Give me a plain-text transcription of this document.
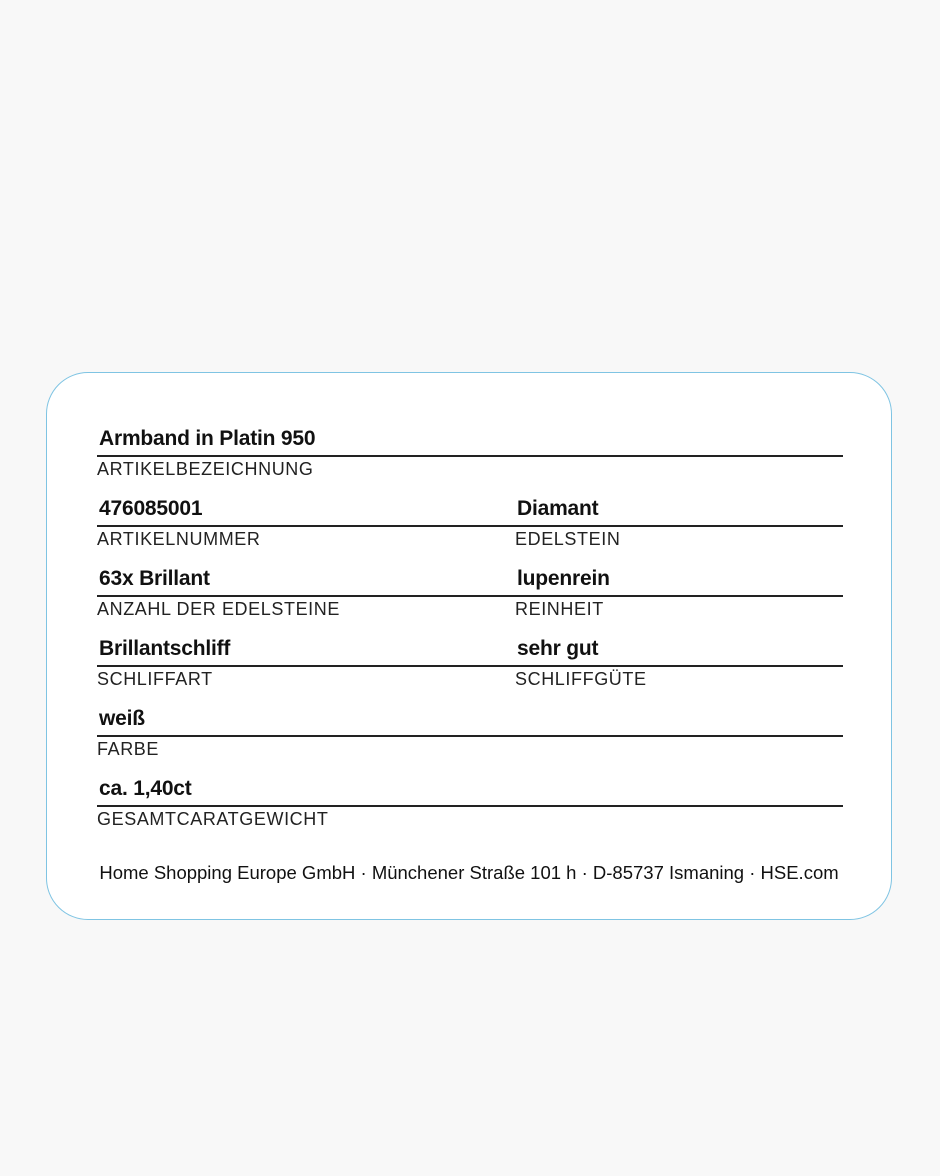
Armband in Platin 950
ARTIKELBEZEICHNUNG
476085001
ARTIKELNUMMER
Diamant
EDELSTEIN
63x Brillant
ANZAHL DER EDELSTEINE
lupenrein
REINHEIT
Brillantschliff
SCHLIFFART
sehr gut
SCHLIFFGÜTE
weiß
FARBE
ca. 1,40ct
GESAMTCARATGEWICHT
Home Shopping Europe GmbH · Münchener Straße 101 h · D-85737 Ismaning · HSE.com
